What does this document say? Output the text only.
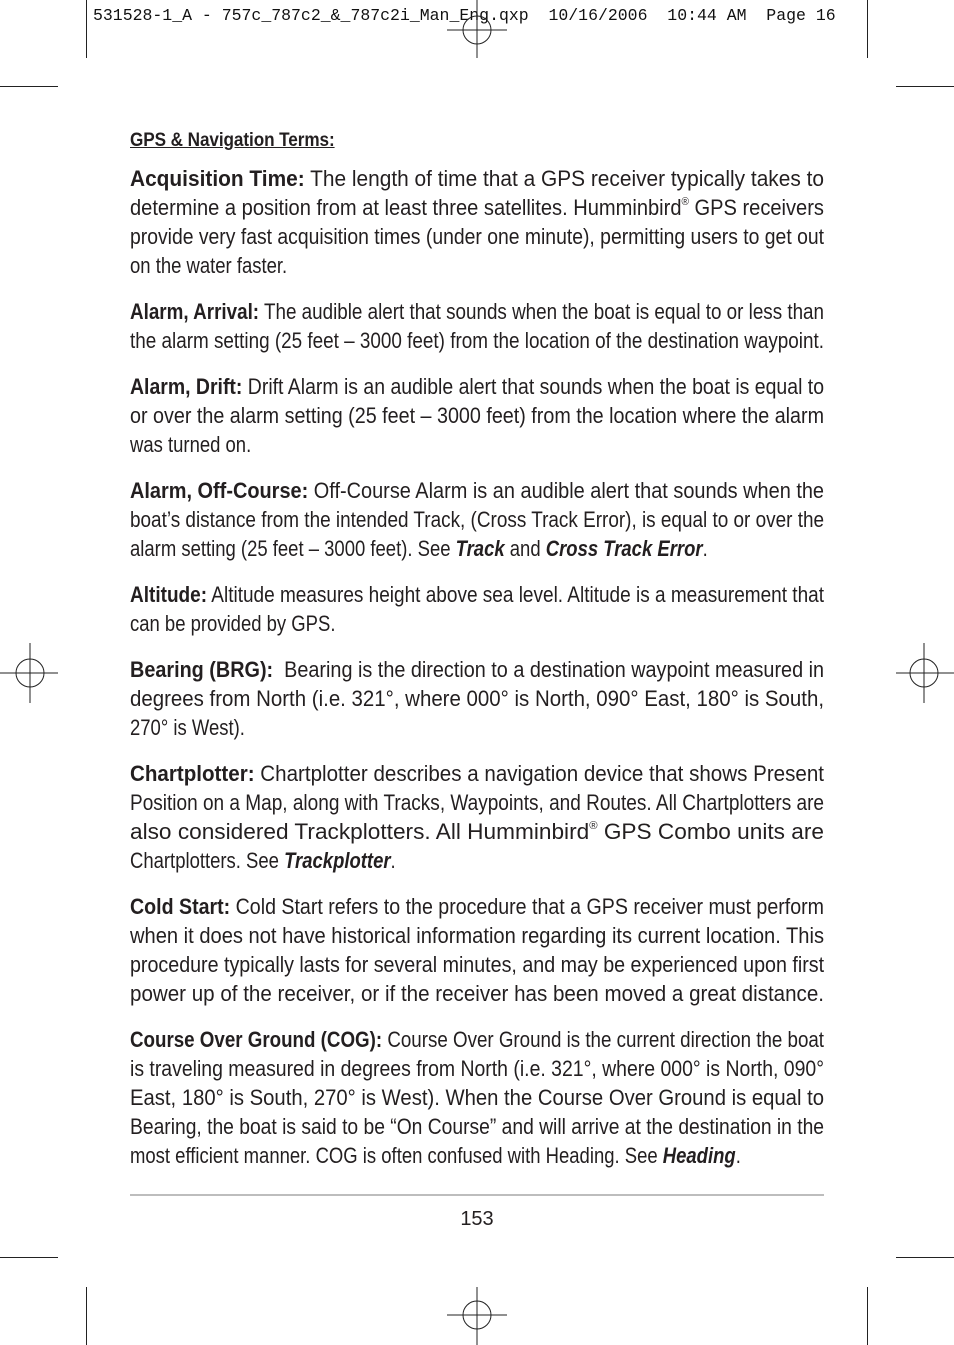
531528-1_A - 757c_787c2_&_787c2i_Man_Eng.qxp  10/16/2006  10:44 AM  Page 16
GPS & Navigation Terms:
Acquisition Time: The length of time that a GPS receiver typically takes to
determine a position from at least three satellites. Humminbird® GPS receivers
provide very fast acquisition times (under one minute), permitting users to get out
on the water faster.
Alarm, Arrival: The audible alert that sounds when the boat is equal to or less than
the alarm setting (25 feet – 3000 feet) from the location of the destination waypoint.
Alarm, Drift: Drift Alarm is an audible alert that sounds when the boat is equal to
or over the alarm setting (25 feet – 3000 feet) from the location where the alarm
was turned on.
Alarm, Off-Course: Off-Course Alarm is an audible alert that sounds when the
boat’s distance from the intended Track, (Cross Track Error), is equal to or over the
alarm setting (25 feet – 3000 feet). See Track and Cross Track Error.
Altitude: Altitude measures height above sea level. Altitude is a measurement that
can be provided by GPS.
Bearing (BRG): Bearing is the direction to a destination waypoint measured in
degrees from North (i.e. 321°, where 000° is North, 090° East, 180° is South,
270° is West).
Chartplotter: Chartplotter describes a navigation device that shows Present
Position on a Map, along with Tracks, Waypoints, and Routes. All Chartplotters are
also considered Trackplotters. All Humminbird® GPS Combo units are
Chartplotters. See Trackplotter.
Cold Start: Cold Start refers to the procedure that a GPS receiver must perform
when it does not have historical information regarding its current location. This
procedure typically lasts for several minutes, and may be experienced upon first
power up of the receiver, or if the receiver has been moved a great distance.
Course Over Ground (COG): Course Over Ground is the current direction the boat
is traveling measured in degrees from North (i.e. 321°, where 000° is North, 090°
East, 180° is South, 270° is West). When the Course Over Ground is equal to
Bearing, the boat is said to be “On Course” and will arrive at the destination in the
most efficient manner. COG is often confused with Heading. See Heading.
153
